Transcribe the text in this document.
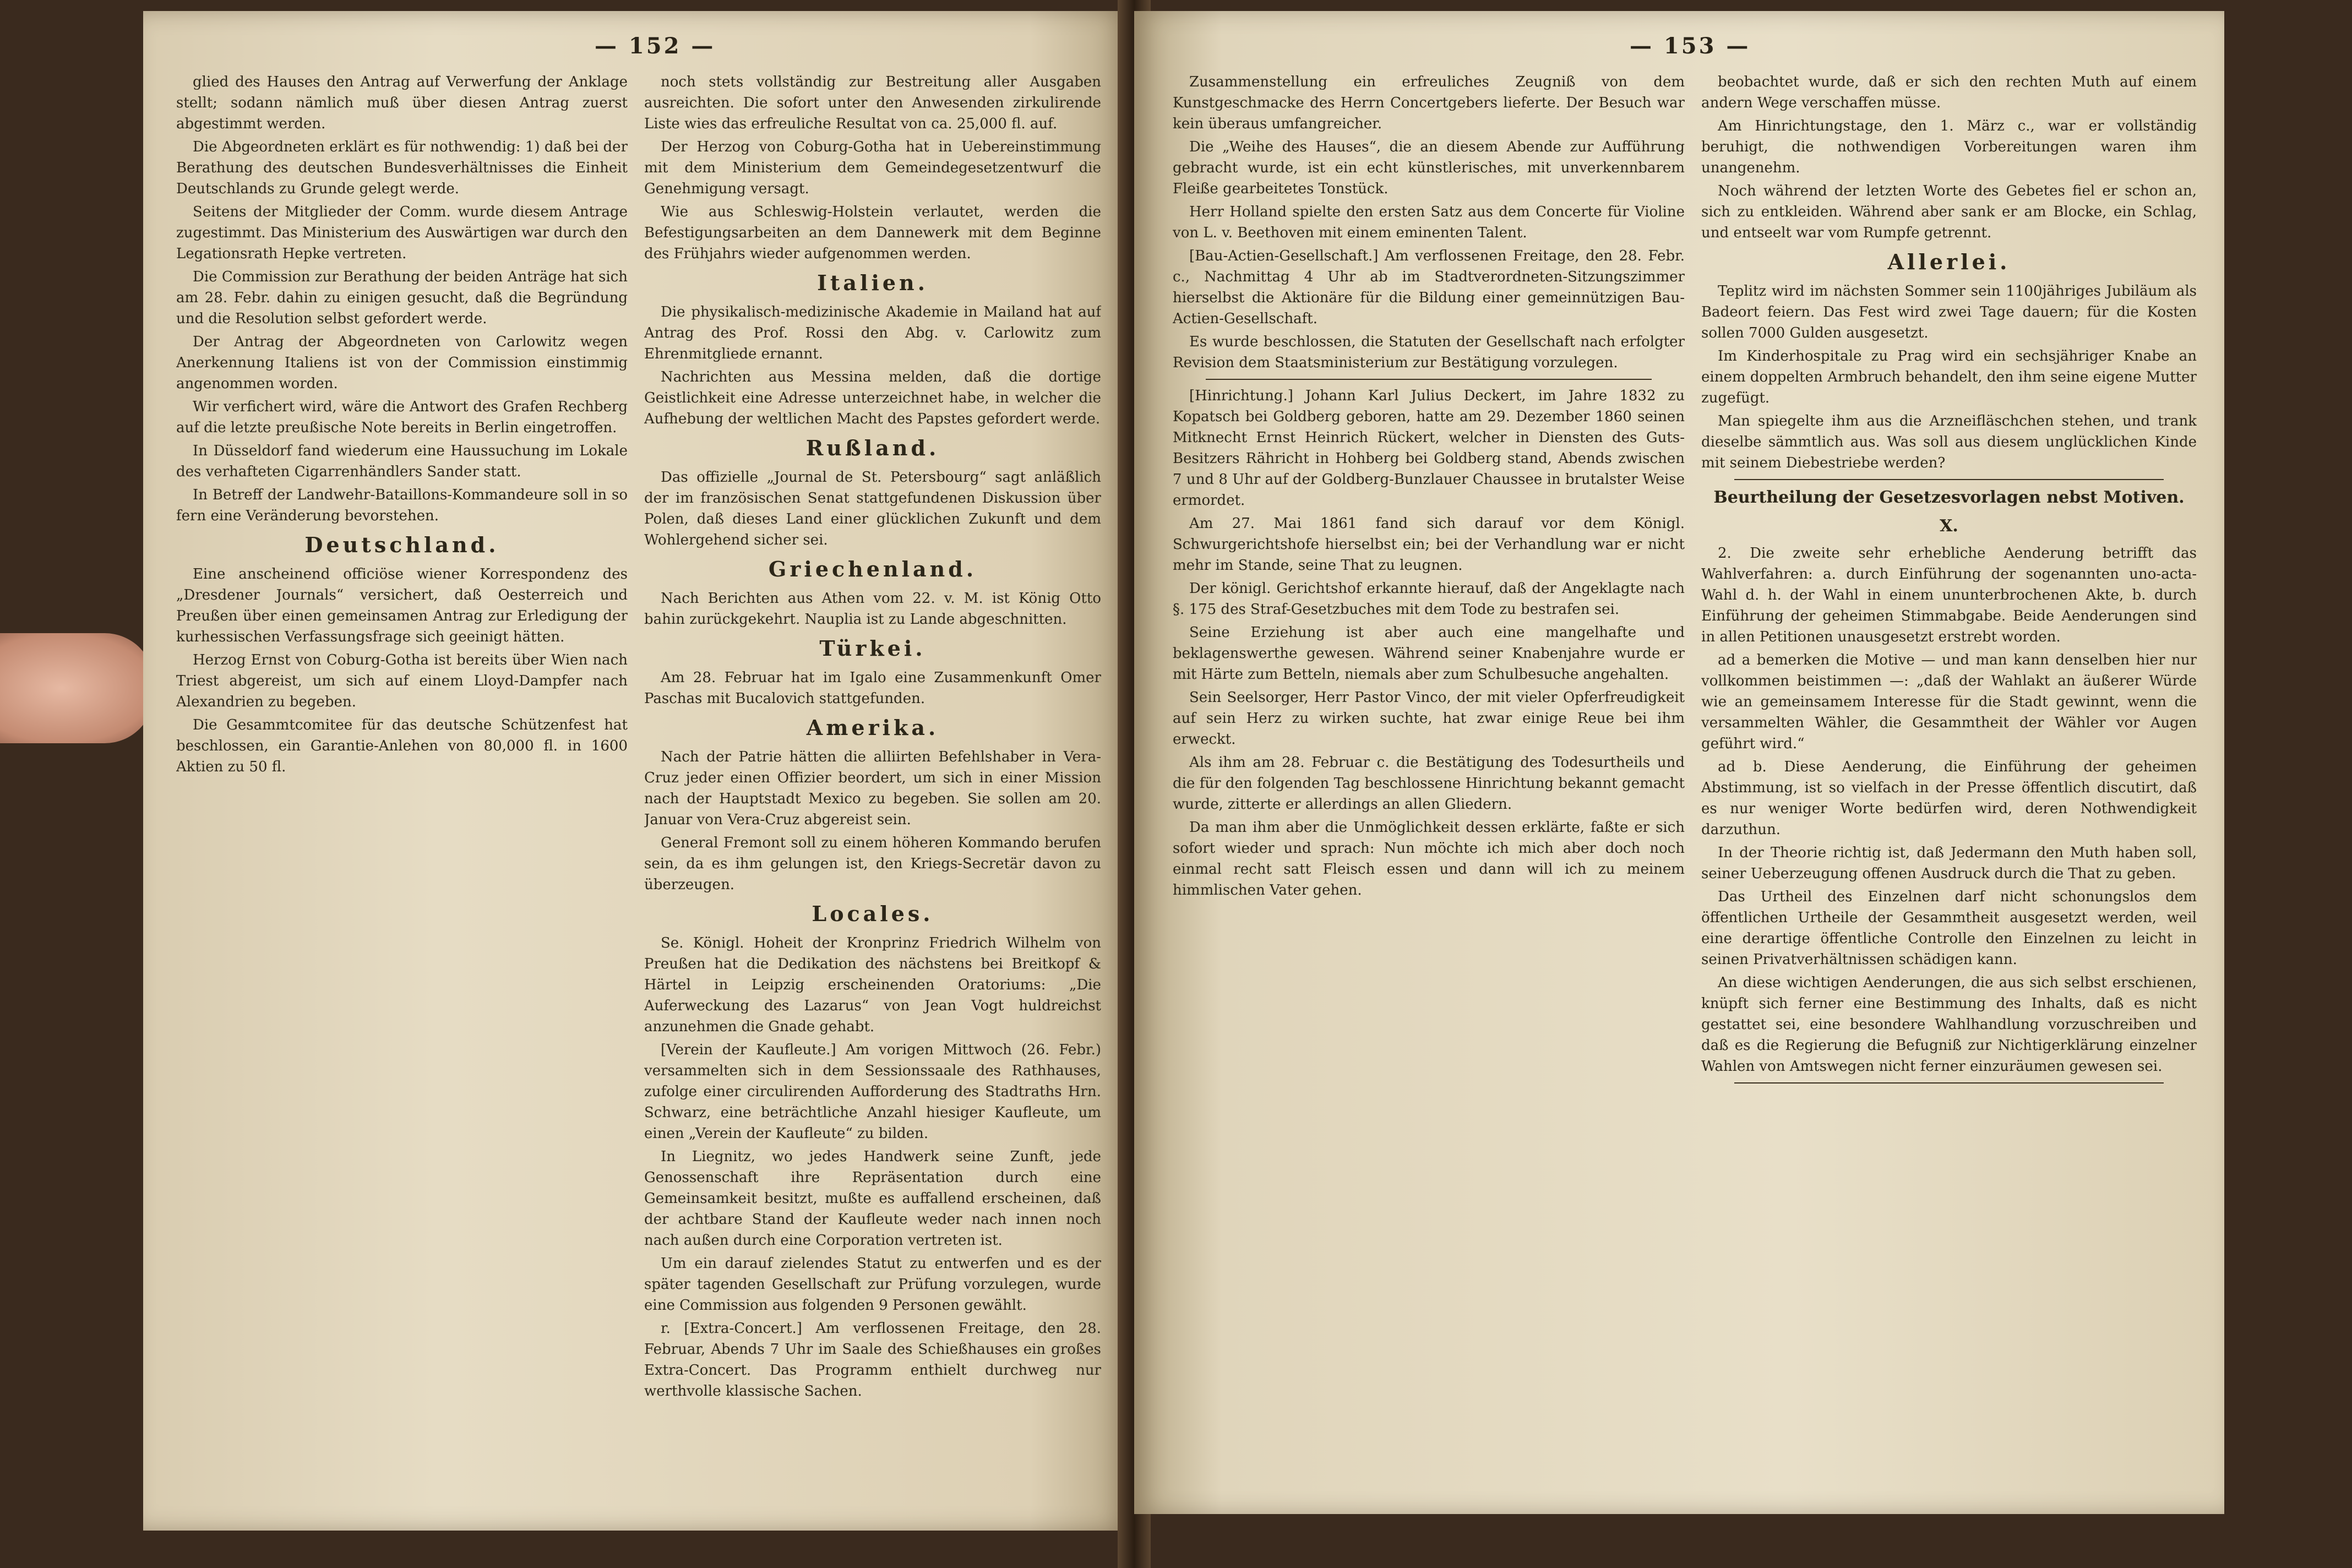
— 152 —

glied des Hauses den Antrag auf Verwerfung der Anklage stellt; sodann nämlich muß über diesen Antrag zuerst abgestimmt werden.

Die Abgeordneten erklärt es für nothwendig: 1) daß bei der Berathung des deutschen Bundesverhältnisses die Einheit Deutschlands zu Grunde gelegt werde.

Seitens der Mitglieder der Comm. wurde diesem Antrage zugestimmt. Das Ministerium des Auswärtigen war durch den Legationsrath Hepke vertreten.

Die Commission zur Berathung der beiden Anträge hat sich am 28. Febr. dahin zu einigen gesucht, daß die Begründung und die Resolution selbst gefordert werde.

Der Antrag der Abgeordneten von Carlowitz wegen Anerkennung Italiens ist von der Commission einstimmig angenommen worden.

Wir verfichert wird, wäre die Antwort des Grafen Rechberg auf die letzte preußische Note bereits in Berlin eingetroffen.

In Düsseldorf fand wiederum eine Haussuchung im Lokale des verhafteten Cigarrenhändlers Sander statt.

In Betreff der Landwehr-Bataillons-Kommandeure soll in so fern eine Veränderung bevorstehen.

Deutschland.

Eine anscheinend officiöse wiener Korrespondenz des „Dresdener Journals“ versichert, daß Oesterreich und Preußen über einen gemeinsamen Antrag zur Erledigung der kurhessischen Verfassungsfrage sich geeinigt hätten.

Herzog Ernst von Coburg-Gotha ist bereits über Wien nach Triest abgereist, um sich auf einem Lloyd-Dampfer nach Alexandrien zu begeben.

Die Gesammtcomitee für das deutsche Schützenfest hat beschlossen, ein Garantie-Anlehen von 80,000 fl. in 1600 Aktien zu 50 fl.

noch stets vollständig zur Bestreitung aller Ausgaben ausreichten. Die sofort unter den Anwesenden zirkulirende Liste wies das erfreuliche Resultat von ca. 25,000 fl. auf.

Der Herzog von Coburg-Gotha hat in Uebereinstimmung mit dem Ministerium dem Gemeindegesetzentwurf die Genehmigung versagt.

Wie aus Schleswig-Holstein verlautet, werden die Befestigungsarbeiten an dem Dannewerk mit dem Beginne des Frühjahrs wieder aufgenommen werden.

Italien.

Die physikalisch-medizinische Akademie in Mailand hat auf Antrag des Prof. Rossi den Abg. v. Carlowitz zum Ehrenmitgliede ernannt.

Nachrichten aus Messina melden, daß die dortige Geistlichkeit eine Adresse unterzeichnet habe, in welcher die Aufhebung der weltlichen Macht des Papstes gefordert werde.

Rußland.

Das offizielle „Journal de St. Petersbourg“ sagt anläßlich der im französischen Senat stattgefundenen Diskussion über Polen, daß dieses Land einer glücklichen Zukunft und dem Wohlergehend sicher sei.

Griechenland.

Nach Berichten aus Athen vom 22. v. M. ist König Otto bahin zurückgekehrt. Nauplia ist zu Lande abgeschnitten.

Türkei.

Am 28. Februar hat im Igalo eine Zusammenkunft Omer Paschas mit Bucalovich stattgefunden.

Amerika.

Nach der Patrie hätten die alliirten Befehlshaber in Vera-Cruz jeder einen Offizier beordert, um sich in einer Mission nach der Hauptstadt Mexico zu begeben. Sie sollen am 20. Januar von Vera-Cruz abgereist sein.

General Fremont soll zu einem höheren Kommando berufen sein, da es ihm gelungen ist, den Kriegs-Secretär davon zu überzeugen.

Locales.

Se. Königl. Hoheit der Kronprinz Friedrich Wilhelm von Preußen hat die Dedikation des nächstens bei Breitkopf & Härtel in Leipzig erscheinenden Oratoriums: „Die Auferweckung des Lazarus“ von Jean Vogt huldreichst anzunehmen die Gnade gehabt.

[Verein der Kaufleute.] Am vorigen Mittwoch (26. Febr.) versammelten sich in dem Sessionssaale des Rathhauses, zufolge einer circulirenden Aufforderung des Stadtraths Hrn. Schwarz, eine beträchtliche Anzahl hiesiger Kaufleute, um einen „Verein der Kaufleute“ zu bilden.

In Liegnitz, wo jedes Handwerk seine Zunft, jede Genossenschaft ihre Repräsentation durch eine Gemeinsamkeit besitzt, mußte es auffallend erscheinen, daß der achtbare Stand der Kaufleute weder nach innen noch nach außen durch eine Corporation vertreten ist.

Um ein darauf zielendes Statut zu entwerfen und es der später tagenden Gesellschaft zur Prüfung vorzulegen, wurde eine Commission aus folgenden 9 Personen gewählt.

r. [Extra-Concert.] Am verflossenen Freitage, den 28. Februar, Abends 7 Uhr im Saale des Schießhauses ein großes Extra-Concert. Das Programm enthielt durchweg nur werthvolle klassische Sachen.

— 153 —

Zusammenstellung ein erfreuliches Zeugniß von dem Kunstgeschmacke des Herrn Concertgebers lieferte. Der Besuch war kein überaus umfangreicher.

Die „Weihe des Hauses“, die an diesem Abende zur Aufführung gebracht wurde, ist ein echt künstlerisches, mit unverkennbarem Fleiße gearbeitetes Tonstück.

Herr Holland spielte den ersten Satz aus dem Concerte für Violine von L. v. Beethoven mit einem eminenten Talent.

[Bau-Actien-Gesellschaft.] Am verflossenen Freitage, den 28. Febr. c., Nachmittag 4 Uhr ab im Stadtverordneten-Sitzungszimmer hierselbst die Aktionäre für die Bildung einer gemeinnützigen Bau-Actien-Gesellschaft.

Es wurde beschlossen, die Statuten der Gesellschaft nach erfolgter Revision dem Staatsministerium zur Bestätigung vorzulegen.

[Hinrichtung.] Johann Karl Julius Deckert, im Jahre 1832 zu Kopatsch bei Goldberg geboren, hatte am 29. Dezember 1860 seinen Mitknecht Ernst Heinrich Rückert, welcher in Diensten des Guts-Besitzers Rähricht in Hohberg bei Goldberg stand, Abends zwischen 7 und 8 Uhr auf der Goldberg-Bunzlauer Chaussee in brutalster Weise ermordet.

Am 27. Mai 1861 fand sich darauf vor dem Königl. Schwurgerichtshofe hierselbst ein; bei der Verhandlung war er nicht mehr im Stande, seine That zu leugnen.

Der königl. Gerichtshof erkannte hierauf, daß der Angeklagte nach §. 175 des Straf-Gesetzbuches mit dem Tode zu bestrafen sei.

Seine Erziehung ist aber auch eine mangelhafte und beklagenswerthe gewesen. Während seiner Knabenjahre wurde er mit Härte zum Betteln, niemals aber zum Schulbesuche angehalten.

Sein Seelsorger, Herr Pastor Vinco, der mit vieler Opferfreudigkeit auf sein Herz zu wirken suchte, hat zwar einige Reue bei ihm erweckt.

Als ihm am 28. Februar c. die Bestätigung des Todesurtheils und die für den folgenden Tag beschlossene Hinrichtung bekannt gemacht wurde, zitterte er allerdings an allen Gliedern.

Da man ihm aber die Unmöglichkeit dessen erklärte, faßte er sich sofort wieder und sprach: Nun möchte ich mich aber doch noch einmal recht satt Fleisch essen und dann will ich zu meinem himmlischen Vater gehen.

beobachtet wurde, daß er sich den rechten Muth auf einem andern Wege verschaffen müsse.

Am Hinrichtungstage, den 1. März c., war er vollständig beruhigt, die nothwendigen Vorbereitungen waren ihm unangenehm.

Noch während der letzten Worte des Gebetes fiel er schon an, sich zu entkleiden. Während aber sank er am Blocke, ein Schlag, und entseelt war vom Rumpfe getrennt.

Allerlei.

Teplitz wird im nächsten Sommer sein 1100jähriges Jubiläum als Badeort feiern. Das Fest wird zwei Tage dauern; für die Kosten sollen 7000 Gulden ausgesetzt.

Im Kinderhospitale zu Prag wird ein sechsjähriger Knabe an einem doppelten Armbruch behandelt, den ihm seine eigene Mutter zugefügt.

Man spiegelte ihm aus die Arzneifläschchen stehen, und trank dieselbe sämmtlich aus. Was soll aus diesem unglücklichen Kinde mit seinem Diebestriebe werden?

Beurtheilung der Gesetzesvorlagen nebst Motiven.
X.

2. Die zweite sehr erhebliche Aenderung betrifft das Wahlverfahren: a. durch Einführung der sogenannten uno-acta-Wahl d. h. der Wahl in einem ununterbrochenen Akte, b. durch Einführung der geheimen Stimmabgabe. Beide Aenderungen sind in allen Petitionen unausgesetzt erstrebt worden.

ad a bemerken die Motive — und man kann denselben hier nur vollkommen beistimmen —: „daß der Wahlakt an äußerer Würde wie an gemeinsamem Interesse für die Stadt gewinnt, wenn die versammelten Wähler, die Gesammtheit der Wähler vor Augen geführt wird.“

ad b. Diese Aenderung, die Einführung der geheimen Abstimmung, ist so vielfach in der Presse öffentlich discutirt, daß es nur weniger Worte bedürfen wird, deren Nothwendigkeit darzuthun.

In der Theorie richtig ist, daß Jedermann den Muth haben soll, seiner Ueberzeugung offenen Ausdruck durch die That zu geben.

Das Urtheil des Einzelnen darf nicht schonungslos dem öffentlichen Urtheile der Gesammtheit ausgesetzt werden, weil eine derartige öffentliche Controlle den Einzelnen zu leicht in seinen Privatverhältnissen schädigen kann.

An diese wichtigen Aenderungen, die aus sich selbst erschienen, knüpft sich ferner eine Bestimmung des Inhalts, daß es nicht gestattet sei, eine besondere Wahlhandlung vorzuschreiben und daß es die Regierung die Befugniß zur Nichtigerklärung einzelner Wahlen von Amtswegen nicht ferner einzuräumen gewesen sei.
